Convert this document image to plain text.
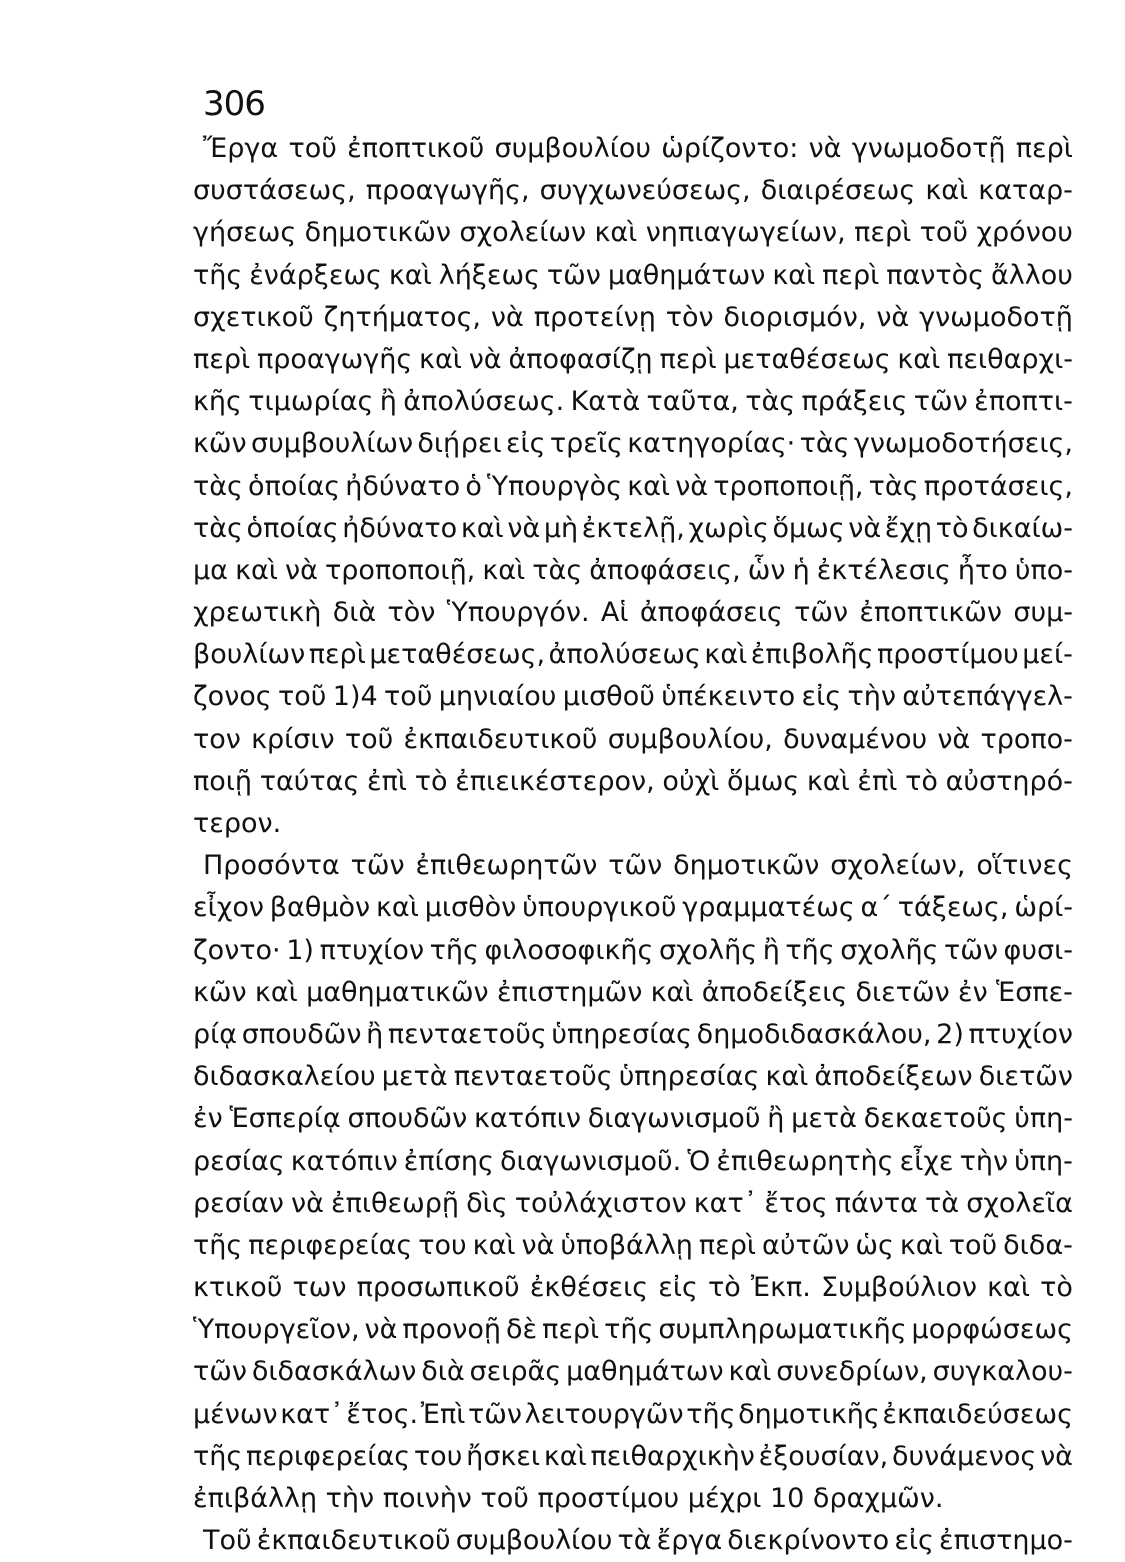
306
Ἔργα τοῦ ἐποπτικοῦ συμβουλίου ὡρίζοντο: νὰ γνωμοδοτῇ περὶ
συστάσεως, προαγωγῆς, συγχωνεύσεως, διαιρέσεως καὶ καταρ-
γήσεως δημοτικῶν σχολείων καὶ νηπιαγωγείων, περὶ τοῦ χρόνου
τῆς ἐνάρξεως καὶ λήξεως τῶν μαθημάτων καὶ περὶ παντὸς ἄλλου
σχετικοῦ ζητήματος, νὰ προτείνῃ τὸν διορισμόν, νὰ γνωμοδοτῇ
περὶ προαγωγῆς καὶ νὰ ἀποφασίζῃ περὶ μεταθέσεως καὶ πειθαρχι-
κῆς τιμωρίας ἢ ἀπολύσεως. Κατὰ ταῦτα, τὰς πράξεις τῶν ἐποπτι-
κῶν συμβουλίων διῄρει εἰς τρεῖς κατηγορίας· τὰς γνωμοδοτήσεις,
τὰς ὁποίας ἠδύνατο ὁ Ὑπουργὸς καὶ νὰ τροποποιῇ, τὰς προτάσεις,
τὰς ὁποίας ἠδύνατο καὶ νὰ μὴ ἐκτελῇ, χωρὶς ὅμως νὰ ἔχῃ τὸ δικαίω-
μα καὶ νὰ τροποποιῇ, καὶ τὰς ἀποφάσεις, ὧν ἡ ἐκτέλεσις ἦτο ὑπο-
χρεωτικὴ διὰ τὸν Ὑπουργόν. Αἱ ἀποφάσεις τῶν ἐποπτικῶν συμ-
βουλίων περὶ μεταθέσεως, ἀπολύσεως καὶ ἐπιβολῆς προστίμου μεί-
ζονος τοῦ 1)4 τοῦ μηνιαίου μισθοῦ ὑπέκειντο εἰς τὴν αὐτεπάγγελ-
τον κρίσιν τοῦ ἐκπαιδευτικοῦ συμβουλίου, δυναμένου νὰ τροπο-
ποιῇ ταύτας ἐπὶ τὸ ἐπιεικέστερον, οὐχὶ ὅμως καὶ ἐπὶ τὸ αὐστηρό-
τερον.
Προσόντα τῶν ἐπιθεωρητῶν τῶν δημοτικῶν σχολείων, οἵτινες
εἶχον βαθμὸν καὶ μισθὸν ὑπουργικοῦ γραμματέως α΄ τάξεως, ὡρί-
ζοντο· 1) πτυχίον τῆς φιλοσοφικῆς σχολῆς ἢ τῆς σχολῆς τῶν φυσι-
κῶν καὶ μαθηματικῶν ἐπιστημῶν καὶ ἀποδείξεις διετῶν ἐν Ἑσπε-
ρίᾳ σπουδῶν ἢ πενταετοῦς ὑπηρεσίας δημοδιδασκάλου, 2) πτυχίον
διδασκαλείου μετὰ πενταετοῦς ὑπηρεσίας καὶ ἀποδείξεων διετῶν
ἐν Ἑσπερίᾳ σπουδῶν κατόπιν διαγωνισμοῦ ἢ μετὰ δεκαετοῦς ὑπη-
ρεσίας κατόπιν ἐπίσης διαγωνισμοῦ. Ὁ ἐπιθεωρητὴς εἶχε τὴν ὑπη-
ρεσίαν νὰ ἐπιθεωρῇ δὶς τοὐλάχιστον κατ᾽ ἔτος πάντα τὰ σχολεῖα
τῆς περιφερείας του καὶ νὰ ὑποβάλλῃ περὶ αὐτῶν ὡς καὶ τοῦ διδα-
κτικοῦ των προσωπικοῦ ἐκθέσεις εἰς τὸ Ἐκπ. Συμβούλιον καὶ τὸ
Ὑπουργεῖον, νὰ προνοῇ δὲ περὶ τῆς συμπληρωματικῆς μορφώσεως
τῶν διδασκάλων διὰ σειρᾶς μαθημάτων καὶ συνεδρίων, συγκαλου-
μένων κατ᾽ ἔτος. Ἐπὶ τῶν λειτουργῶν τῆς δημοτικῆς ἐκπαιδεύσεως
τῆς περιφερείας του ἤσκει καὶ πειθαρχικὴν ἐξουσίαν, δυνάμενος νὰ
ἐπιβάλλῃ τὴν ποινὴν τοῦ προστίμου μέχρι 10 δραχμῶν.
Τοῦ ἐκπαιδευτικοῦ συμβουλίου τὰ ἔργα διεκρίνοντο εἰς ἐπιστημο-
